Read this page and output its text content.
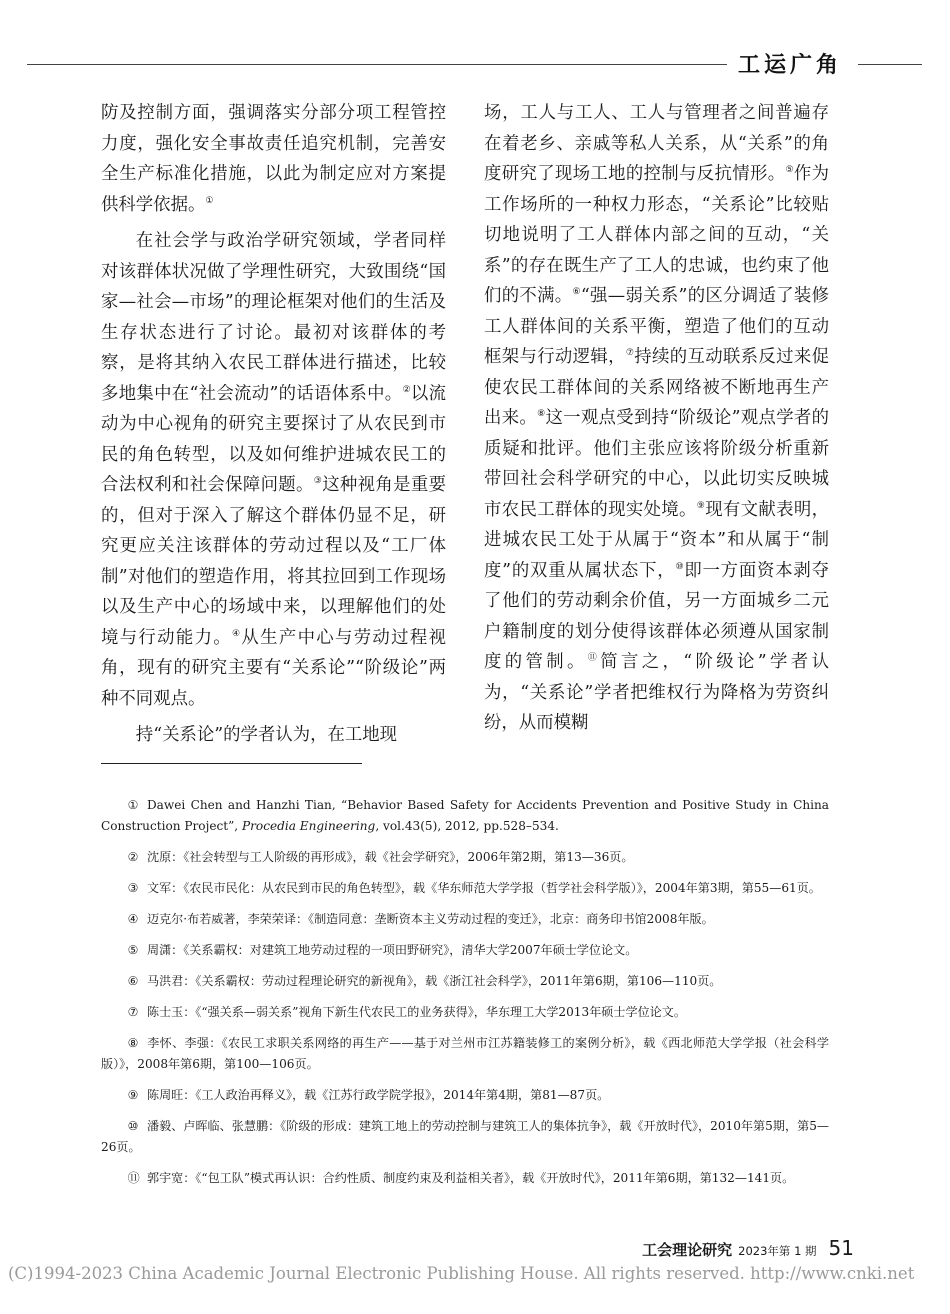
工运广角

防及控制方面，强调落实分部分项工程管控力度，强化安全事故责任追究机制，完善安全生产标准化措施，以此为制定应对方案提供科学依据。①

在社会学与政治学研究领域，学者同样对该群体状况做了学理性研究，大致围绕“国家—社会—市场”的理论框架对他们的生活及生存状态进行了讨论。最初对该群体的考察，是将其纳入农民工群体进行描述，比较多地集中在“社会流动”的话语体系中。②以流动为中心视角的研究主要探讨了从农民到市民的角色转型，以及如何维护进城农民工的合法权利和社会保障问题。③这种视角是重要的，但对于深入了解这个群体仍显不足，研究更应关注该群体的劳动过程以及“工厂体制”对他们的塑造作用，将其拉回到工作现场以及生产中心的场域中来，以理解他们的处境与行动能力。④从生产中心与劳动过程视角，现有的研究主要有“关系论”“阶级论”两种不同观点。

持“关系论”的学者认为，在工地现

场，工人与工人、工人与管理者之间普遍存在着老乡、亲戚等私人关系，从“关系”的角度研究了现场工地的控制与反抗情形。⑤作为工作场所的一种权力形态，“关系论”比较贴切地说明了工人群体内部之间的互动，“关系”的存在既生产了工人的忠诚，也约束了他们的不满。⑥“强—弱关系”的区分调适了装修工人群体间的关系平衡，塑造了他们的互动框架与行动逻辑，⑦持续的互动联系反过来促使农民工群体间的关系网络被不断地再生产出来。⑧这一观点受到持“阶级论”观点学者的质疑和批评。他们主张应该将阶级分析重新带回社会科学研究的中心，以此切实反映城市农民工群体的现实处境。⑨现有文献表明，进城农民工处于从属于“资本”和从属于“制度”的双重从属状态下，⑩即一方面资本剥夺了他们的劳动剩余价值，另一方面城乡二元户籍制度的划分使得该群体必须遵从国家制度的管制。⑪简言之，“阶级论”学者认为，“关系论”学者把维权行为降格为劳资纠纷，从而模糊

① Dawei Chen and Hanzhi Tian, “Behavior Based Safety for Accidents Prevention and Positive Study in China Construction Project”, Procedia Engineering, vol.43(5), 2012, pp.528–534.
② 沈原：《社会转型与工人阶级的再形成》，载《社会学研究》，2006年第2期，第13—36页。
③ 文军：《农民市民化：从农民到市民的角色转型》，载《华东师范大学学报（哲学社会科学版）》，2004年第3期，第55—61页。
④ 迈克尔·布若威著，李荣荣译：《制造同意：垄断资本主义劳动过程的变迁》，北京：商务印书馆2008年版。
⑤ 周潇：《关系霸权：对建筑工地劳动过程的一项田野研究》，清华大学2007年硕士学位论文。
⑥ 马洪君：《关系霸权：劳动过程理论研究的新视角》，载《浙江社会科学》，2011年第6期，第106—110页。
⑦ 陈士玉：《“强关系—弱关系”视角下新生代农民工的业务获得》，华东理工大学2013年硕士学位论文。
⑧ 李怀、李强：《农民工求职关系网络的再生产——基于对兰州市江苏籍装修工的案例分析》，载《西北师范大学学报（社会科学版）》，2008年第6期，第100—106页。
⑨ 陈周旺：《工人政治再释义》，载《江苏行政学院学报》，2014年第4期，第81—87页。
⑩ 潘毅、卢晖临、张慧鹏：《阶级的形成：建筑工地上的劳动控制与建筑工人的集体抗争》，载《开放时代》，2010年第5期，第5—26页。
⑪ 郭宇宽：《“包工队”模式再认识：合约性质、制度约束及利益相关者》，载《开放时代》，2011年第6期，第132—141页。
工会理论研究 2023年第 1 期 51
(C)1994-2023 China Academic Journal Electronic Publishing House. All rights reserved. http://www.cnki.net
